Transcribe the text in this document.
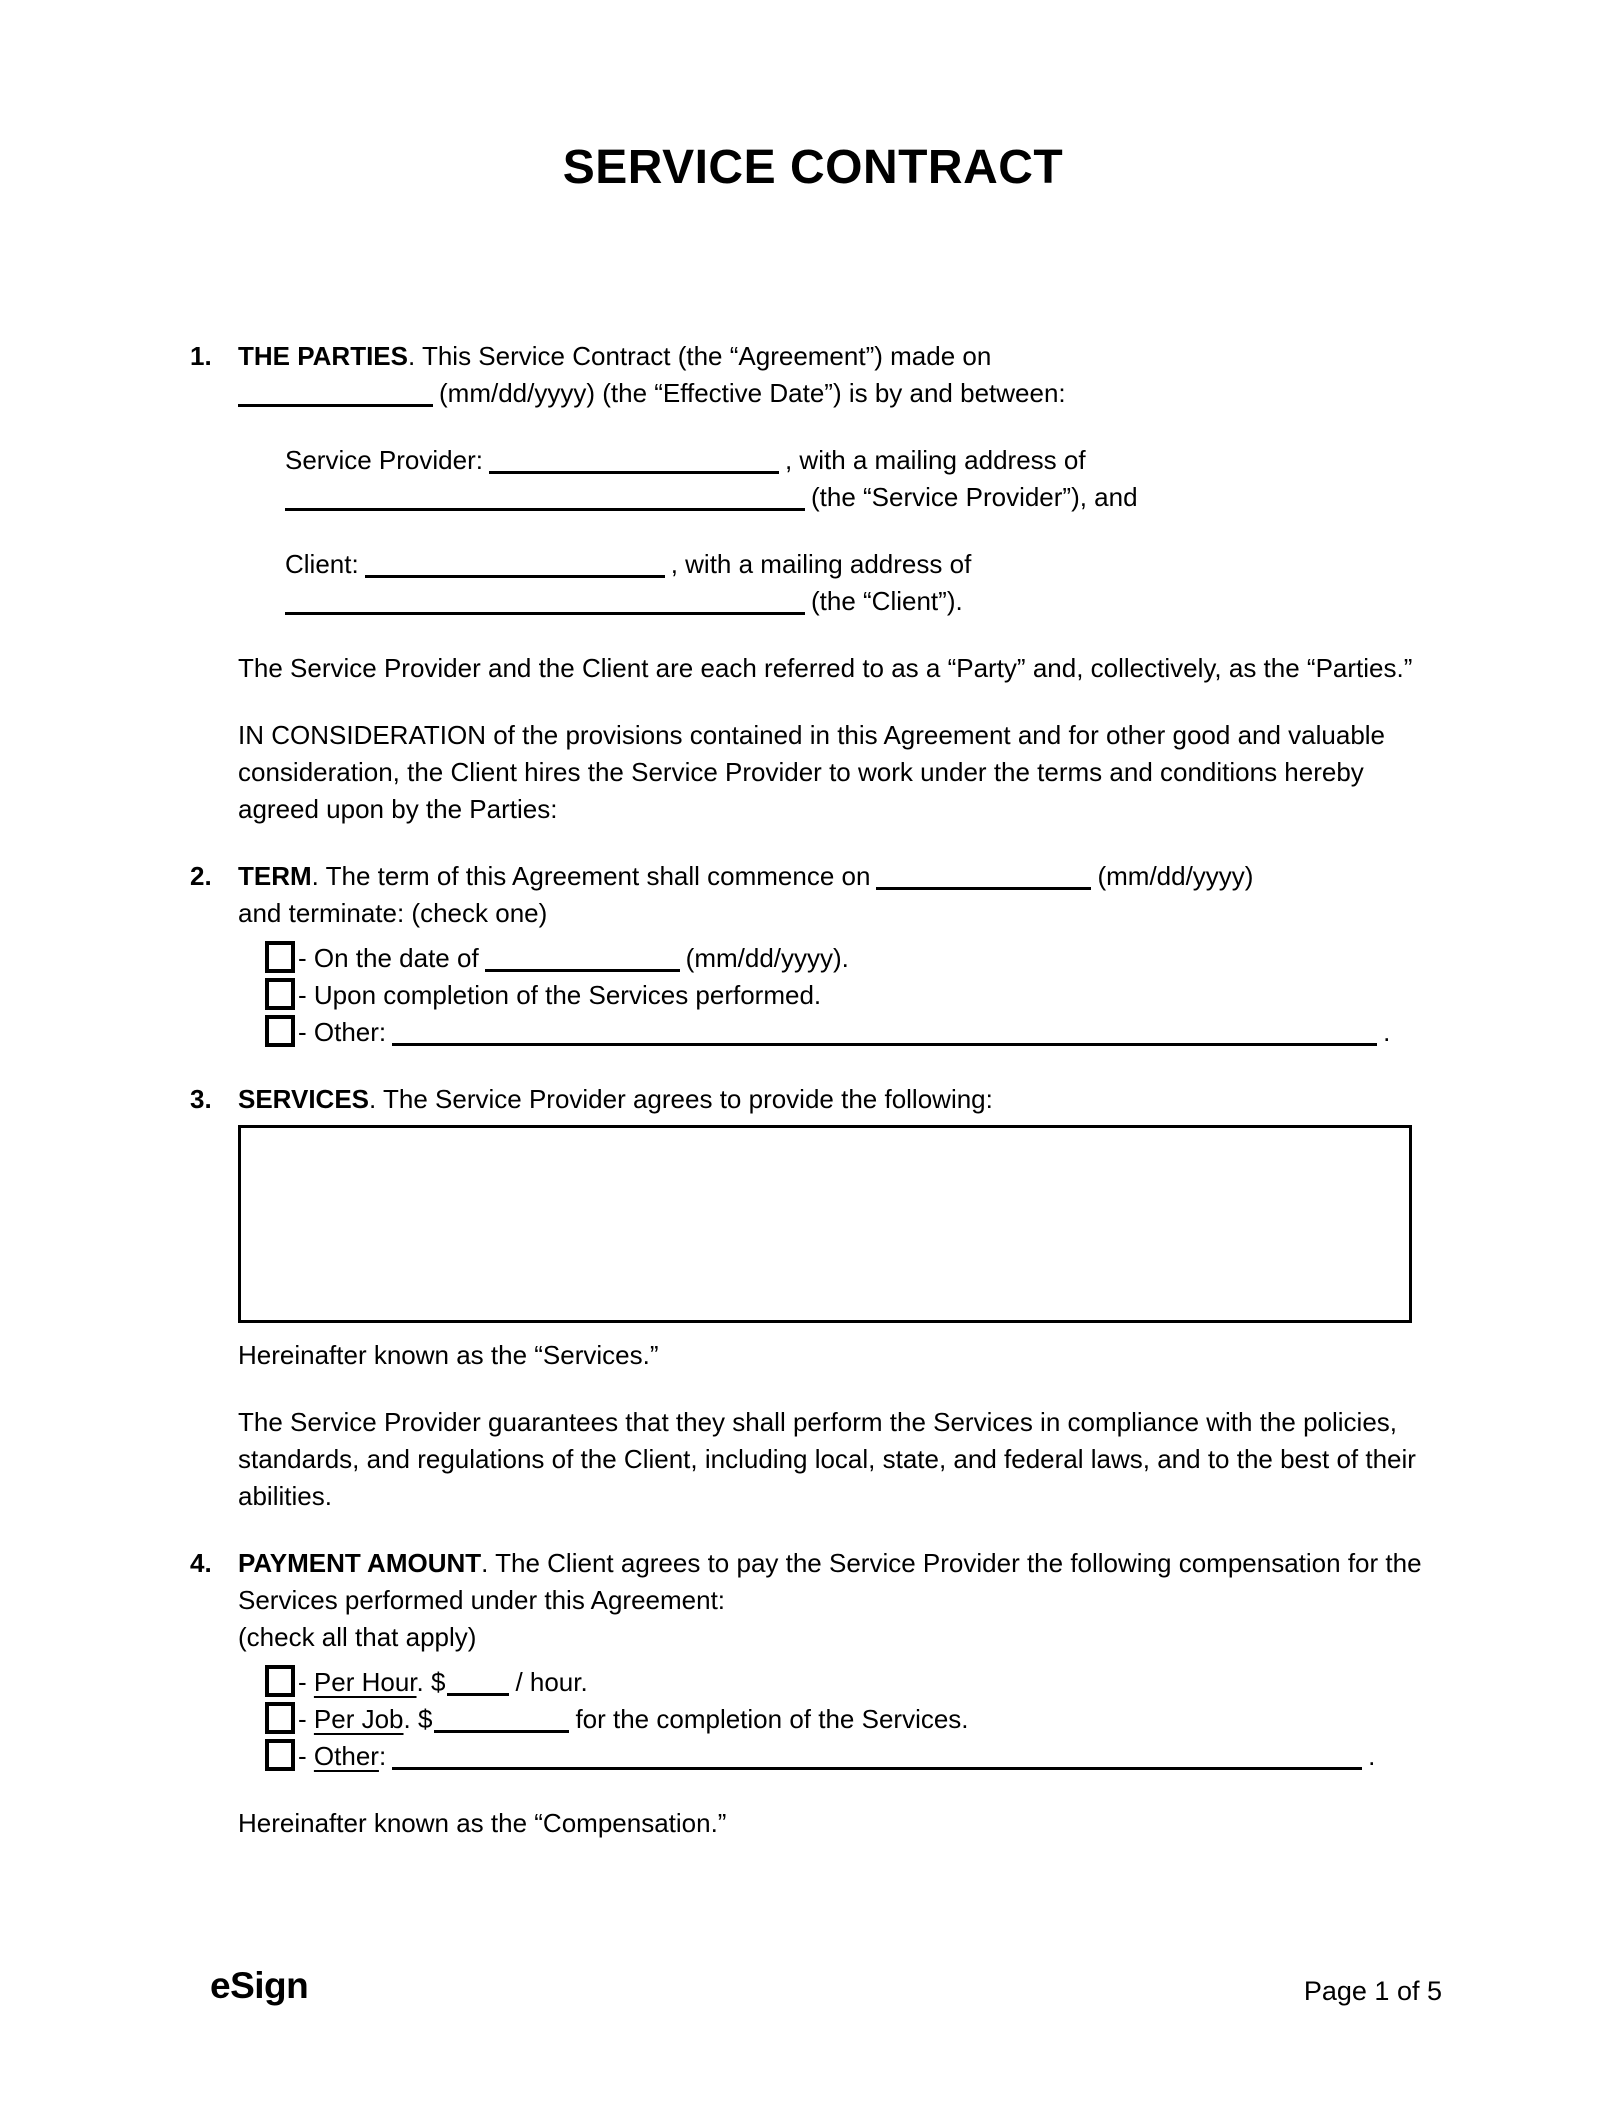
SERVICE CONTRACT
1.	THE PARTIES. This Service Contract (the “Agreement”) made on
(mm/dd/yyyy) (the “Effective Date”) is by and between:

Service Provider:	, with a mailing address of
(the “Service Provider”), and

Client:	, with a mailing address of
(the “Client”).

The Service Provider and the Client are each referred to as a “Party” and, collectively, as the “Parties.”

IN CONSIDERATION of the provisions contained in this Agreement and for other good and valuable consideration, the Client hires the Service Provider to work under the terms and conditions hereby agreed upon by the Parties:

2.	TERM. The term of this Agreement shall commence on	(mm/dd/yyyy)
and terminate: (check one)

- On the date of	(mm/dd/yyyy).
- Upon completion of the Services performed.
- Other:	.
3.	SERVICES. The Service Provider agrees to provide the following:

Hereinafter known as the “Services.”

The Service Provider guarantees that they shall perform the Services in compliance with the policies, standards, and regulations of the Client, including local, state, and federal laws, and to the best of their abilities.

4.	PAYMENT AMOUNT. The Client agrees to pay the Service Provider the following compensation for the Services performed under this Agreement:
(check all that apply)

- Per Hour. $	/ hour.
- Per Job. $	for the completion of the Services.
- Other:	.

Hereinafter known as the “Compensation.”

eSign	Page 1 of 5
